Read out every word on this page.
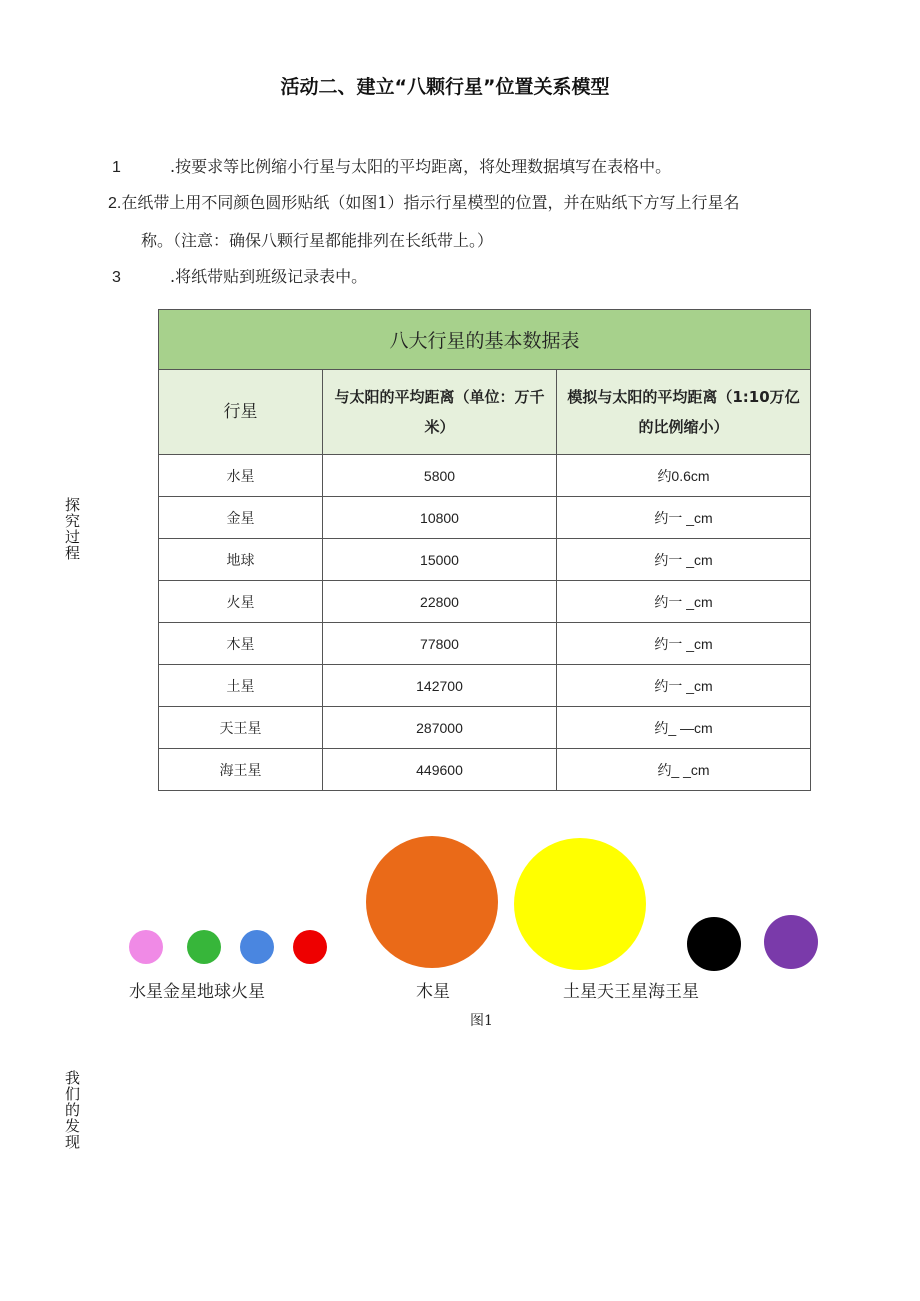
活动二、建立“八颗行星”位置关系模型
1	.按要求等比例缩小行星与太阳的平均距离，将处理数据填写在表格中。
2.在纸带上用不同颜色圆形贴纸（如图1）指示行星模型的位置，并在贴纸下方写上行星名
称。（注意：确保八颗行星都能排列在长纸带上。）
3	.将纸带贴到班级记录表中。
探究过程
我们的发现
八大行星的基本数据表		
行星	与太阳的平均距离（单位：万千米）	模拟与太阳的平均距离（1:10万亿的比例缩小）
水星	5800	约0.6cm
金星	10800	约一 _cm
地球	15000	约一 _cm
火星	22800	约一 _cm
木星	77800	约一 _cm
土星	142700	约一 _cm
天王星	287000	约_ —cm
海王星	449600	约_ _cm
水星金星地球火星	木星	土星天王星海王星
图1
